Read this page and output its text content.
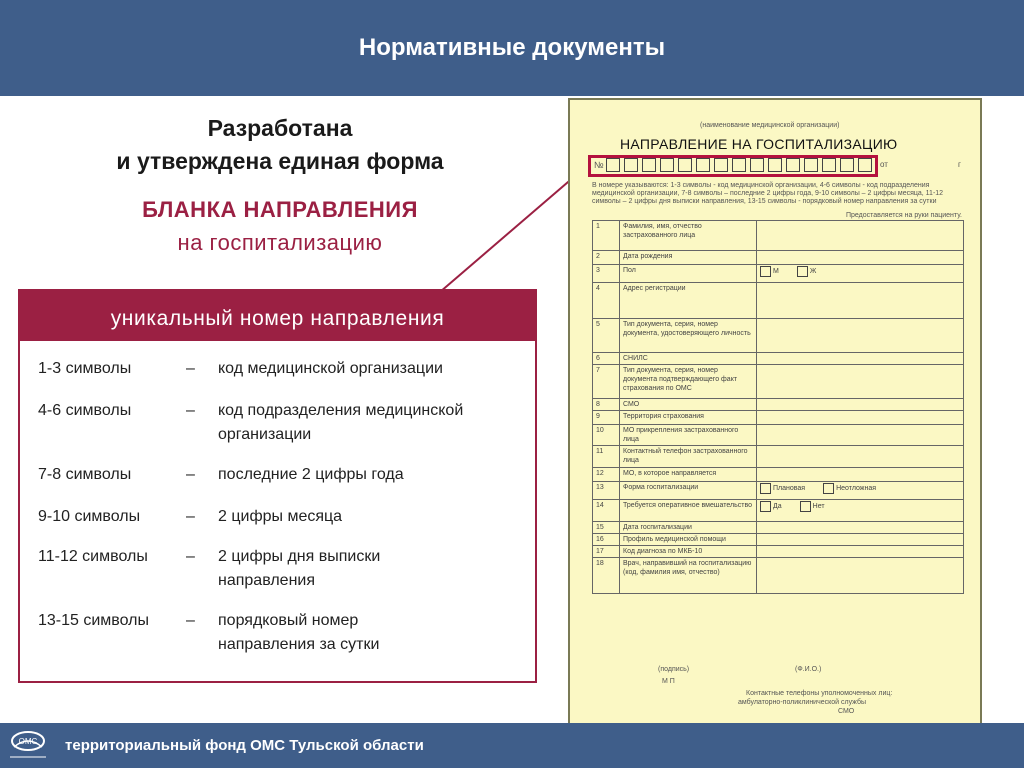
Нормативные документы
Разработана
и утверждена единая форма
БЛАНКА НАПРАВЛЕНИЯ
на госпитализацию
уникальный номер направления
1-3 символы	– код медицинской организации
4-6 символы	– код подразделения медицинской организации
7-8 символы	– последние 2 цифры года
9-10 символы	– 2 цифры месяца
11-12 символы	– 2 цифры дня выписки направления
13-15 символы	– порядковый номер направления за сутки
(наименование медицинской организации)
НАПРАВЛЕНИЕ НА ГОСПИТАЛИЗАЦИЮ
№	от	г
В номере указываются: 1-3 символы - код медицинской организации, 4-6 символы - код подразделения медицинской организации, 7-8 символы – последние 2 цифры года, 9-10 символы – 2 цифры месяца, 11-12 символы – 2 цифры дня выписки направления, 13-15 символы - порядковый номер направления за сутки
Предоставляется на руки пациенту.
1	Фамилия, имя, отчество застрахованного лица	
2	Дата рождения	
3	Пол	М Ж
4	Адрес регистрации	
5	Тип документа, серия, номер документа, удостоверяющего личность	
6	СНИЛС	
7	Тип документа, серия, номер документа подтверждающего факт страхования по ОМС	
8	СМО	
9	Территория страхования	
10	МО прикрепления застрахованного лица	
11	Контактный телефон застрахованного лица	
12	МО, в которое направляется	
13	Форма госпитализации	Плановая Неотложная
14	Требуется оперативное вмешательство	Да Нет
15	Дата госпитализации	
16	Профиль медицинской помощи	
17	Код диагноза по МКБ-10	
18	Врач, направивший на госпитализацию (код, фамилия имя, отчество)	
(подпись)	(Ф.И.О.)
М П
Контактные телефоны уполномоченных лиц:
амбулаторно-поликлинической службы
СМО
ОМС территориальный фонд ОМС Тульской области
